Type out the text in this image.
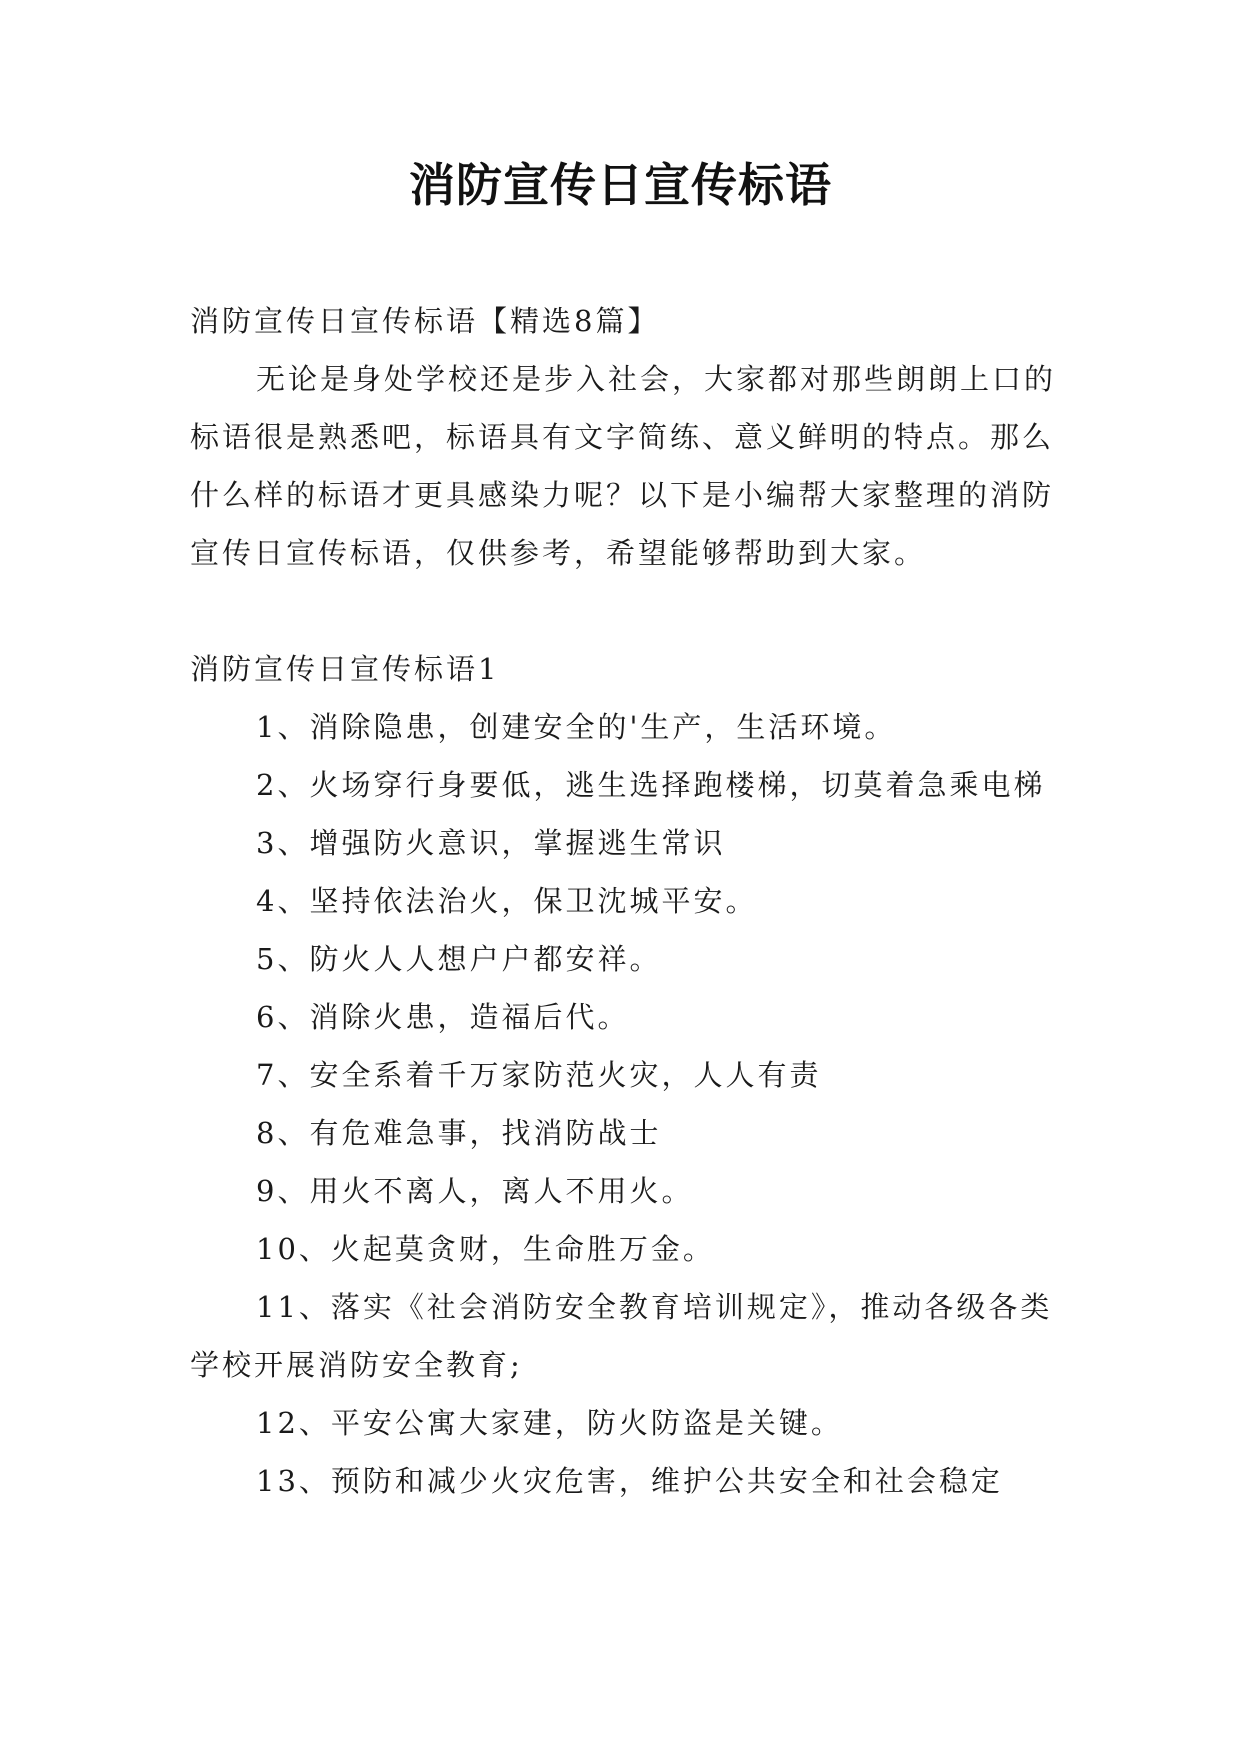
消防宣传日宣传标语

消防宣传日宣传标语【精选8篇】

无论是身处学校还是步入社会，大家都对那些朗朗上口的标语很是熟悉吧，标语具有文字简练、意义鲜明的特点。那么什么样的标语才更具感染力呢？以下是小编帮大家整理的消防宣传日宣传标语，仅供参考，希望能够帮助到大家。

消防宣传日宣传标语1

1、消除隐患，创建安全的'生产，生活环境。

2、火场穿行身要低，逃生选择跑楼梯，切莫着急乘电梯

3、增强防火意识，掌握逃生常识

4、坚持依法治火，保卫沈城平安。

5、防火人人想户户都安祥。

6、消除火患，造福后代。

7、安全系着千万家防范火灾，人人有责

8、有危难急事，找消防战士

9、用火不离人，离人不用火。

10、火起莫贪财，生命胜万金。

11、落实《社会消防安全教育培训规定》，推动各级各类学校开展消防安全教育;

12、平安公寓大家建，防火防盗是关键。

13、预防和减少火灾危害，维护公共安全和社会稳定
